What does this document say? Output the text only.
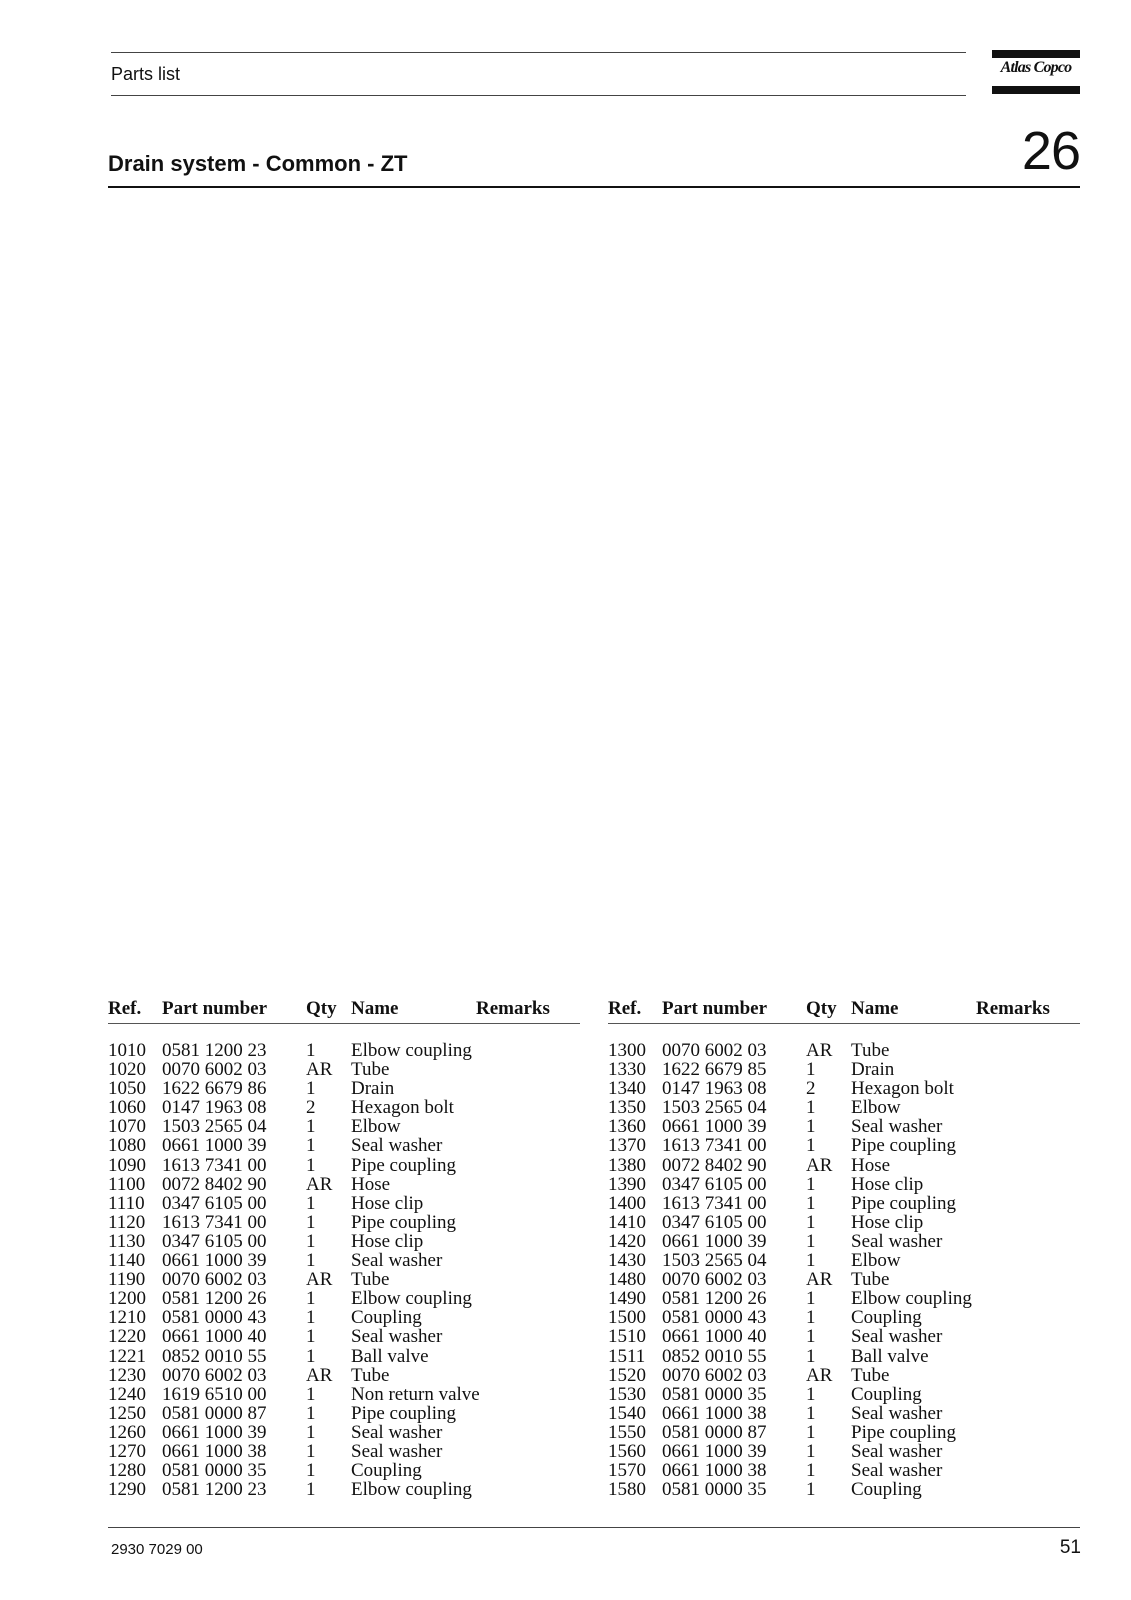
Parts list	Atlas Copco
Drain system - Common - ZT	26
Ref. Part number Qty Name	Remarks
1010 0581 1200 23 1 Elbow coupling
1020 0070 6002 03 AR Tube
1050 1622 6679 86 1 Drain
1060 0147 1963 08 2 Hexagon bolt
1070 1503 2565 04 1 Elbow
1080 0661 1000 39 1 Seal washer
1090 1613 7341 00 1 Pipe coupling
1100 0072 8402 90 AR Hose
1110 0347 6105 00 1 Hose clip
1120 1613 7341 00 1 Pipe coupling
1130 0347 6105 00 1 Hose clip
1140 0661 1000 39 1 Seal washer
1190 0070 6002 03 AR Tube
1200 0581 1200 26 1 Elbow coupling
1210 0581 0000 43 1 Coupling
1220 0661 1000 40 1 Seal washer
1221 0852 0010 55 1 Ball valve
1230 0070 6002 03 AR Tube
1240 1619 6510 00 1 Non return valve
1250 0581 0000 87 1 Pipe coupling
1260 0661 1000 39 1 Seal washer
1270 0661 1000 38 1 Seal washer
1280 0581 0000 35 1 Coupling
1290 0581 1200 23 1 Elbow coupling
Ref. Part number Qty Name	Remarks
1300 0070 6002 03 AR Tube
1330 1622 6679 85 1 Drain
1340 0147 1963 08 2 Hexagon bolt
1350 1503 2565 04 1 Elbow
1360 0661 1000 39 1 Seal washer
1370 1613 7341 00 1 Pipe coupling
1380 0072 8402 90 AR Hose
1390 0347 6105 00 1 Hose clip
1400 1613 7341 00 1 Pipe coupling
1410 0347 6105 00 1 Hose clip
1420 0661 1000 39 1 Seal washer
1430 1503 2565 04 1 Elbow
1480 0070 6002 03 AR Tube
1490 0581 1200 26 1 Elbow coupling
1500 0581 0000 43 1 Coupling
1510 0661 1000 40 1 Seal washer
1511 0852 0010 55 1 Ball valve
1520 0070 6002 03 AR Tube
1530 0581 0000 35 1 Coupling
1540 0661 1000 38 1 Seal washer
1550 0581 0000 87 1 Pipe coupling
1560 0661 1000 39 1 Seal washer
1570 0661 1000 38 1 Seal washer
1580 0581 0000 35 1 Coupling
2930 7029 00	51
